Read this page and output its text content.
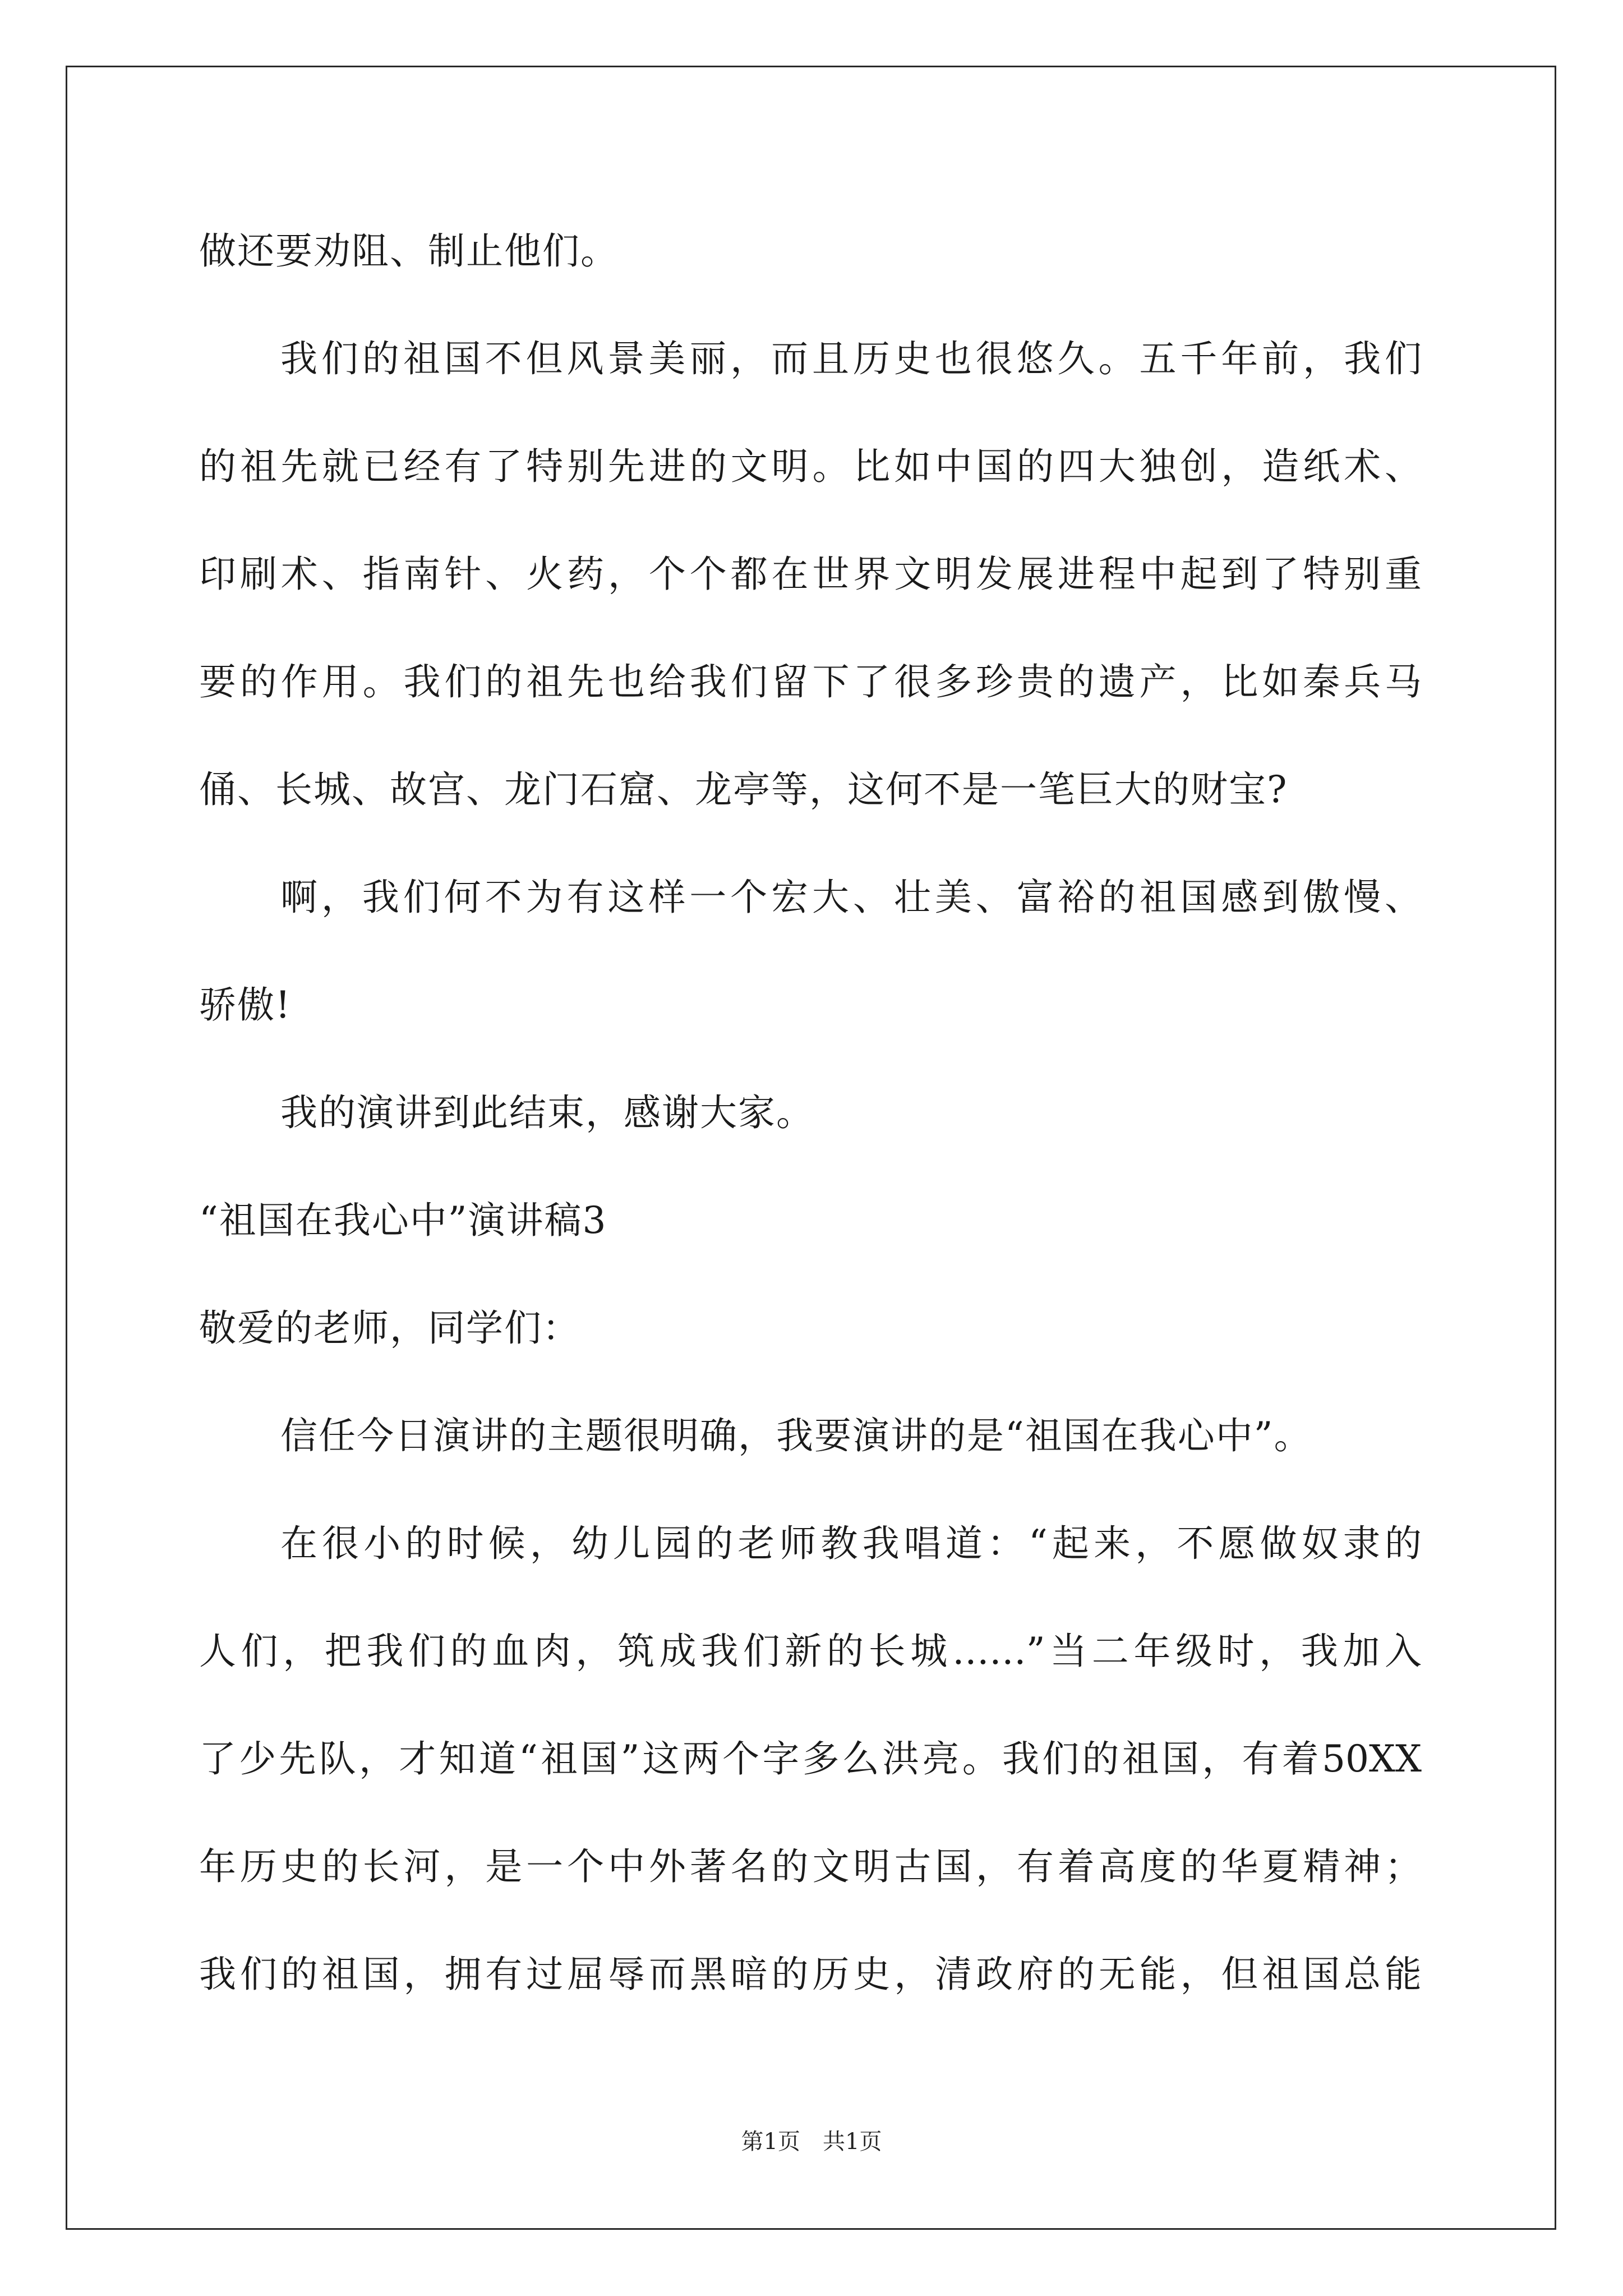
做还要劝阻、制止他们。
我们的祖国不但风景美丽，而且历史也很悠久。五千年前，我们
的祖先就已经有了特别先进的文明。比如中国的四大独创，造纸术、
印刷术、指南针、火药，个个都在世界文明发展进程中起到了特别重
要的作用。我们的祖先也给我们留下了很多珍贵的遗产，比如秦兵马
俑、长城、故宫、龙门石窟、龙亭等，这何不是一笔巨大的财宝?
啊，我们何不为有这样一个宏大、壮美、富裕的祖国感到傲慢、
骄傲!
我的演讲到此结束，感谢大家。
“祖国在我心中”演讲稿3
敬爱的老师，同学们：
信任今日演讲的主题很明确，我要演讲的是“祖国在我心中”。
在很小的时候，幼儿园的老师教我唱道：“起来，不愿做奴隶的
人们，把我们的血肉，筑成我们新的长城……”当二年级时，我加入
了少先队，才知道“祖国”这两个字多么洪亮。我们的祖国，有着50XX
年历史的长河，是一个中外著名的文明古国，有着高度的华夏精神；
我们的祖国，拥有过屈辱而黑暗的历史，清政府的无能，但祖国总能
第1页　共1页
